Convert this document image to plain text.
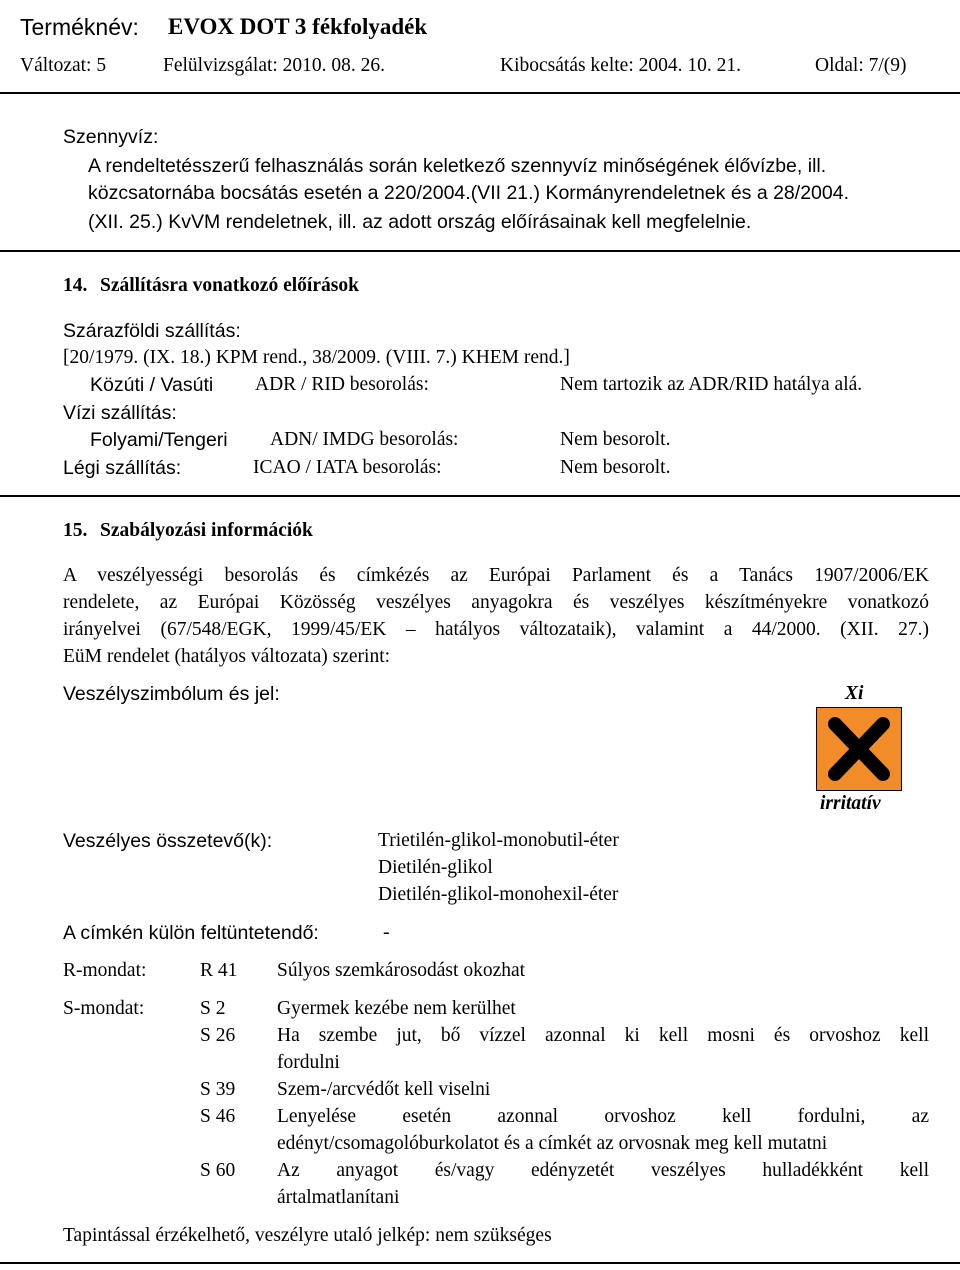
Terméknév: EVOX DOT 3 fékfolyadék
Változat: 5	Felülvizsgálat: 2010. 08. 26.	Kibocsátás kelte: 2004. 10. 21.	Oldal: 7/(9)
Szennyvíz:
A rendeltetésszerű felhasználás során keletkező szennyvíz minőségének élővízbe, ill.
közcsatornába bocsátás esetén a 220/2004.(VII 21.) Kormányrendeletnek és a 28/2004.
(XII. 25.) KvVM rendeletnek, ill. az adott ország előírásainak kell megfelelnie.
14. Szállításra vonatkozó előírások
Szárazföldi szállítás:
[20/1979. (IX. 18.) KPM rend., 38/2009. (VIII. 7.) KHEM rend.]
Közúti / Vasúti ADR / RID besorolás:	Nem tartozik az ADR/RID hatálya alá.
Vízi szállítás:
Folyami/Tengeri ADN/ IMDG besorolás:	Nem besorolt.
Légi szállítás:	ICAO / IATA besorolás:	Nem besorolt.
15. Szabályozási információk
A veszélyességi besorolás és címkézés az Európai Parlament és a Tanács 1907/2006/EK
rendelete, az Európai Közösség veszélyes anyagokra és veszélyes készítményekre vonatkozó
irányelvei (67/548/EGK, 1999/45/EK – hatályos változataik), valamint a 44/2000. (XII. 27.)
EüM rendelet (hatályos változata) szerint:
Veszélyszimbólum és jel:	Xi
irritatív
Veszélyes összetevő(k):	Trietilén-glikol-monobutil-éter
Dietilén-glikol
Dietilén-glikol-monohexil-éter
A címkén külön feltüntetendő:	-
R-mondat:	R 41 Súlyos szemkárosodást okozhat
S-mondat:	S 2	Gyermek kezébe nem kerülhet
S 26 Ha szembe jut, bő vízzel azonnal ki kell mosni és orvoshoz kell
fordulni
S 39 Szem-/arcvédőt kell viselni
S 46 Lenyelése esetén azonnal orvoshoz kell fordulni, az
edényt/csomagolóburkolatot és a címkét az orvosnak meg kell mutatni
S 60 Az anyagot és/vagy edényzetét veszélyes hulladékként kell
ártalmatlanítani
Tapintással érzékelhető, veszélyre utaló jelkép: nem szükséges
